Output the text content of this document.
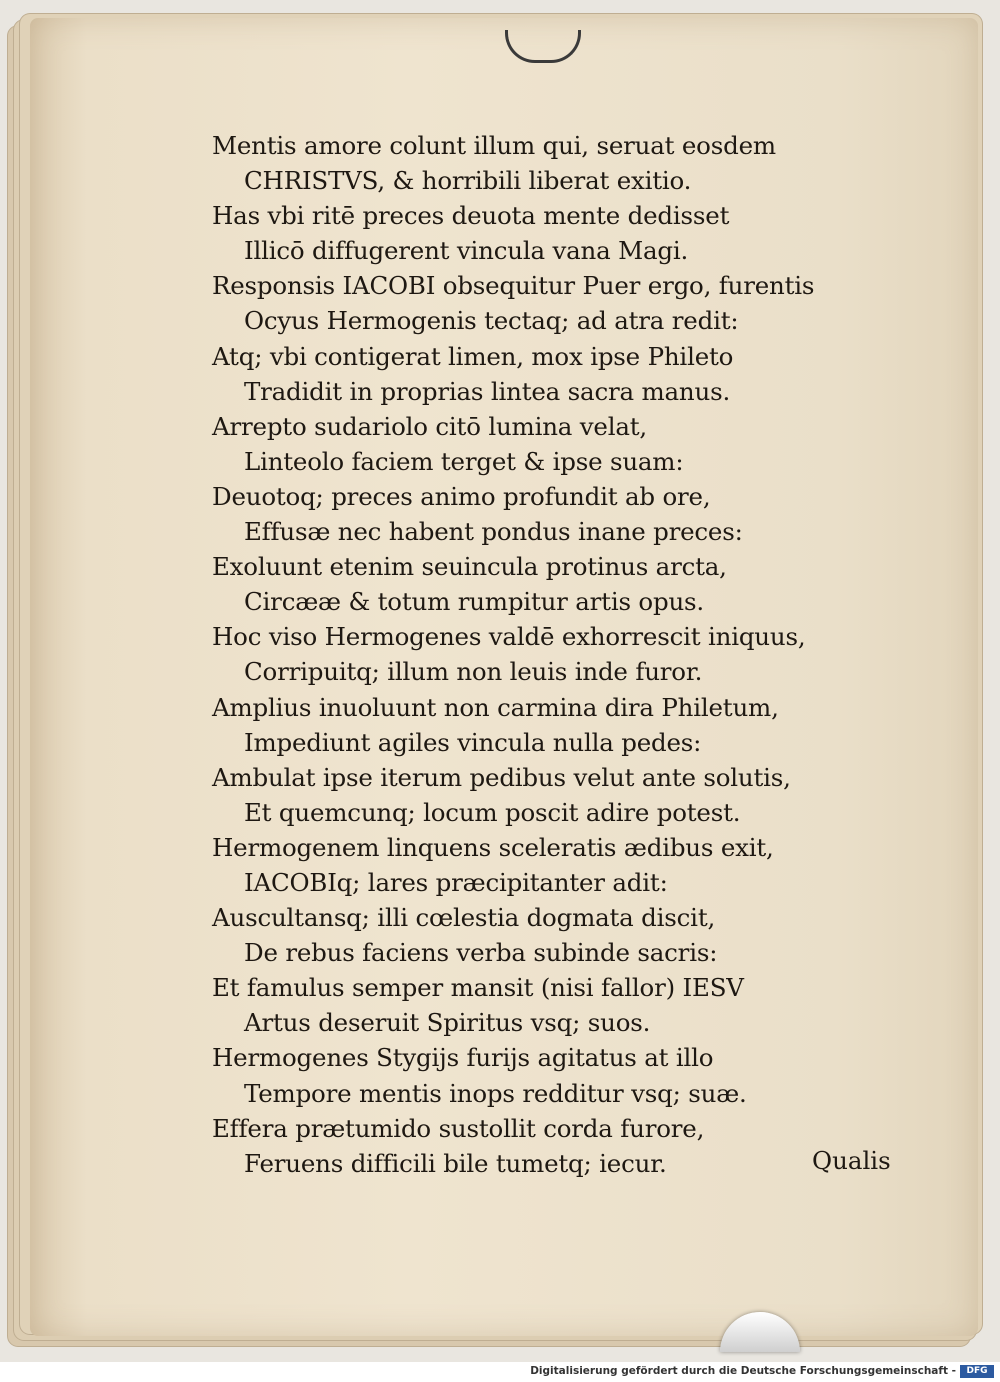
Mentis amore colunt illum qui, seruat eosdem
CHRISTVS, & horribili liberat exitio.
Has vbi ritē preces deuota mente dedisset
Illicō diffugerent vincula vana Magi.
Responsis IACOBI obsequitur Puer ergo, furentis
Ocyus Hermogenis tectaq; ad atra redit:
Atq; vbi contigerat limen, mox ipse Phileto
Tradidit in proprias lintea sacra manus.
Arrepto sudariolo citō lumina velat,
Linteolo faciem terget & ipse suam:
Deuotoq; preces animo profundit ab ore,
Effusæ nec habent pondus inane preces:
Exoluunt etenim seuincula protinus arcta,
Circææ & totum rumpitur artis opus.
Hoc viso Hermogenes valdē exhorrescit iniquus,
Corripuitq; illum non leuis inde furor.
Amplius inuoluunt non carmina dira Philetum,
Impediunt agiles vincula nulla pedes:
Ambulat ipse iterum pedibus velut ante solutis,
Et quemcunq; locum poscit adire potest.
Hermogenem linquens sceleratis ædibus exit,
IACOBIq; lares præcipitanter adit:
Auscultansq; illi cœlestia dogmata discit,
De rebus faciens verba subinde sacris:
Et famulus semper mansit (nisi fallor) IESV
Artus deseruit Spiritus vsq; suos.
Hermogenes Stygijs furijs agitatus at illo
Tempore mentis inops redditur vsq; suæ.
Effera prætumido sustollit corda furore,
Feruens difficili bile tumetq; iecur.	Qualis
Digitalisierung gefördert durch die Deutsche Forschungsgemeinschaft -	DFG
